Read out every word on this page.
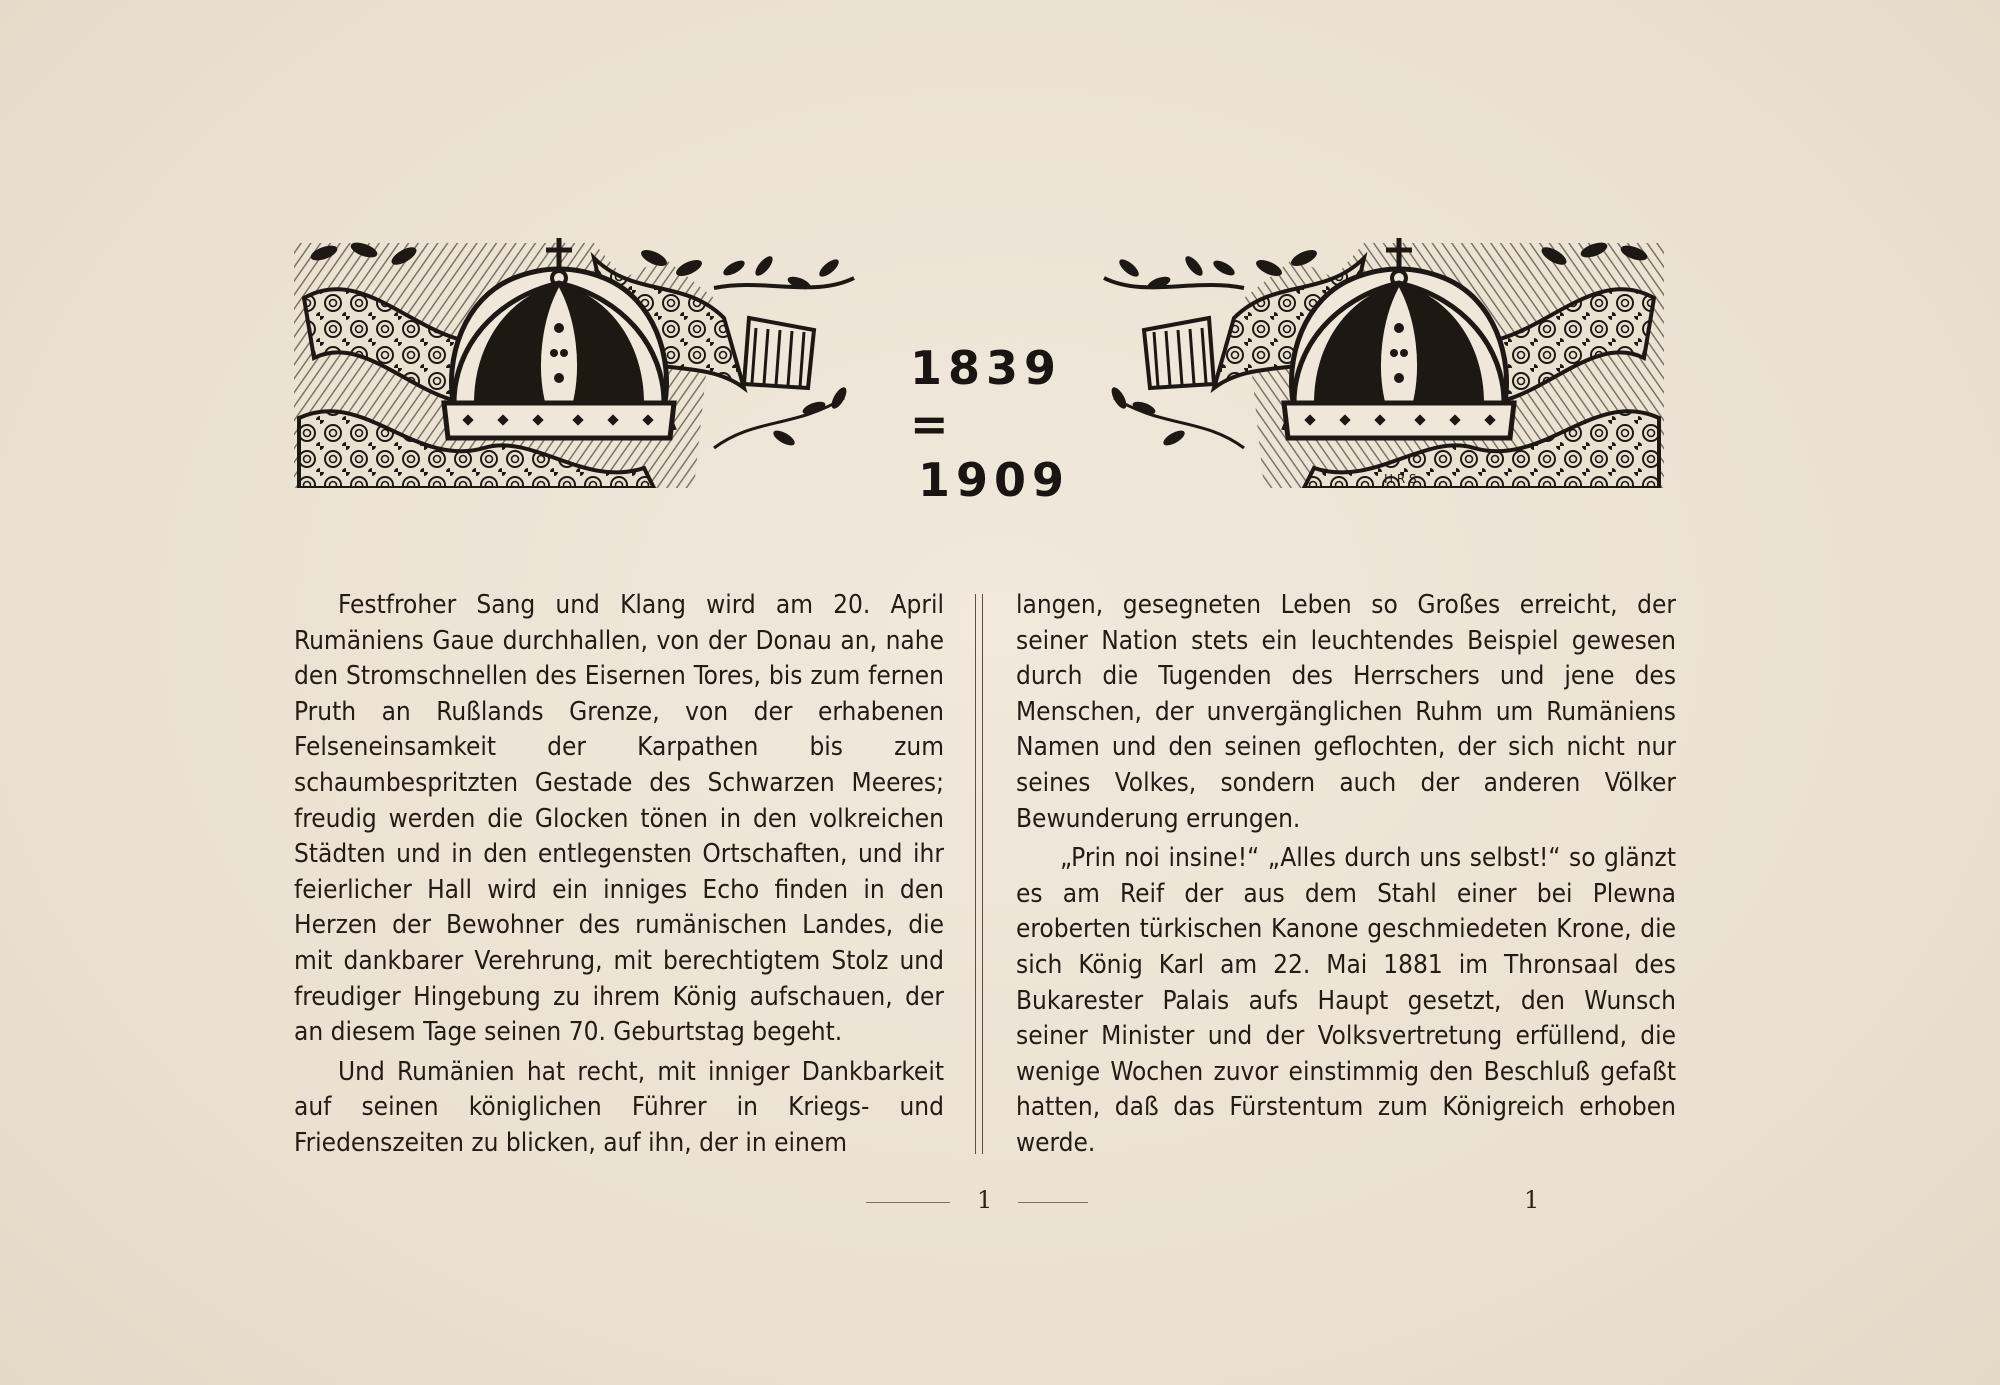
H R S
1839 =
1909

Festfroher Sang und Klang wird am 20. April Rumäniens Gaue durchhallen, von der Donau an, nahe den Stromschnellen des Eisernen Tores, bis zum fernen Pruth an Rußlands Grenze, von der erhabenen Felseneinsamkeit der Karpathen bis zum schaumbespritzten Gestade des Schwarzen Meeres; freudig werden die Glocken tönen in den volkreichen Städten und in den entlegensten Ortschaften, und ihr feierlicher Hall wird ein inniges Echo finden in den Herzen der Bewohner des rumänischen Landes, die mit dankbarer Verehrung, mit berechtigtem Stolz und freudiger Hingebung zu ihrem König aufschauen, der an diesem Tage seinen 70. Geburtstag begeht.

Und Rumänien hat recht, mit inniger Dankbarkeit auf seinen königlichen Führer in Kriegs- und Friedenszeiten zu blicken, auf ihn, der in einem

langen, gesegneten Leben so Großes erreicht, der seiner Nation stets ein leuchtendes Beispiel gewesen durch die Tugenden des Herrschers und jene des Menschen, der unvergänglichen Ruhm um Rumäniens Namen und den seinen geflochten, der sich nicht nur seines Volkes, sondern auch der anderen Völker Bewunderung errungen.

„Prin noi insine!“ „Alles durch uns selbst!“ so glänzt es am Reif der aus dem Stahl einer bei Plewna eroberten türkischen Kanone geschmiedeten Krone, die sich König Karl am 22. Mai 1881 im Thronsaal des Bukarester Palais aufs Haupt gesetzt, den Wunsch seiner Minister und der Volksvertretung erfüllend, die wenige Wochen zuvor einstimmig den Beschluß gefaßt hatten, daß das Fürstentum zum Königreich erhoben werde.

1	1
